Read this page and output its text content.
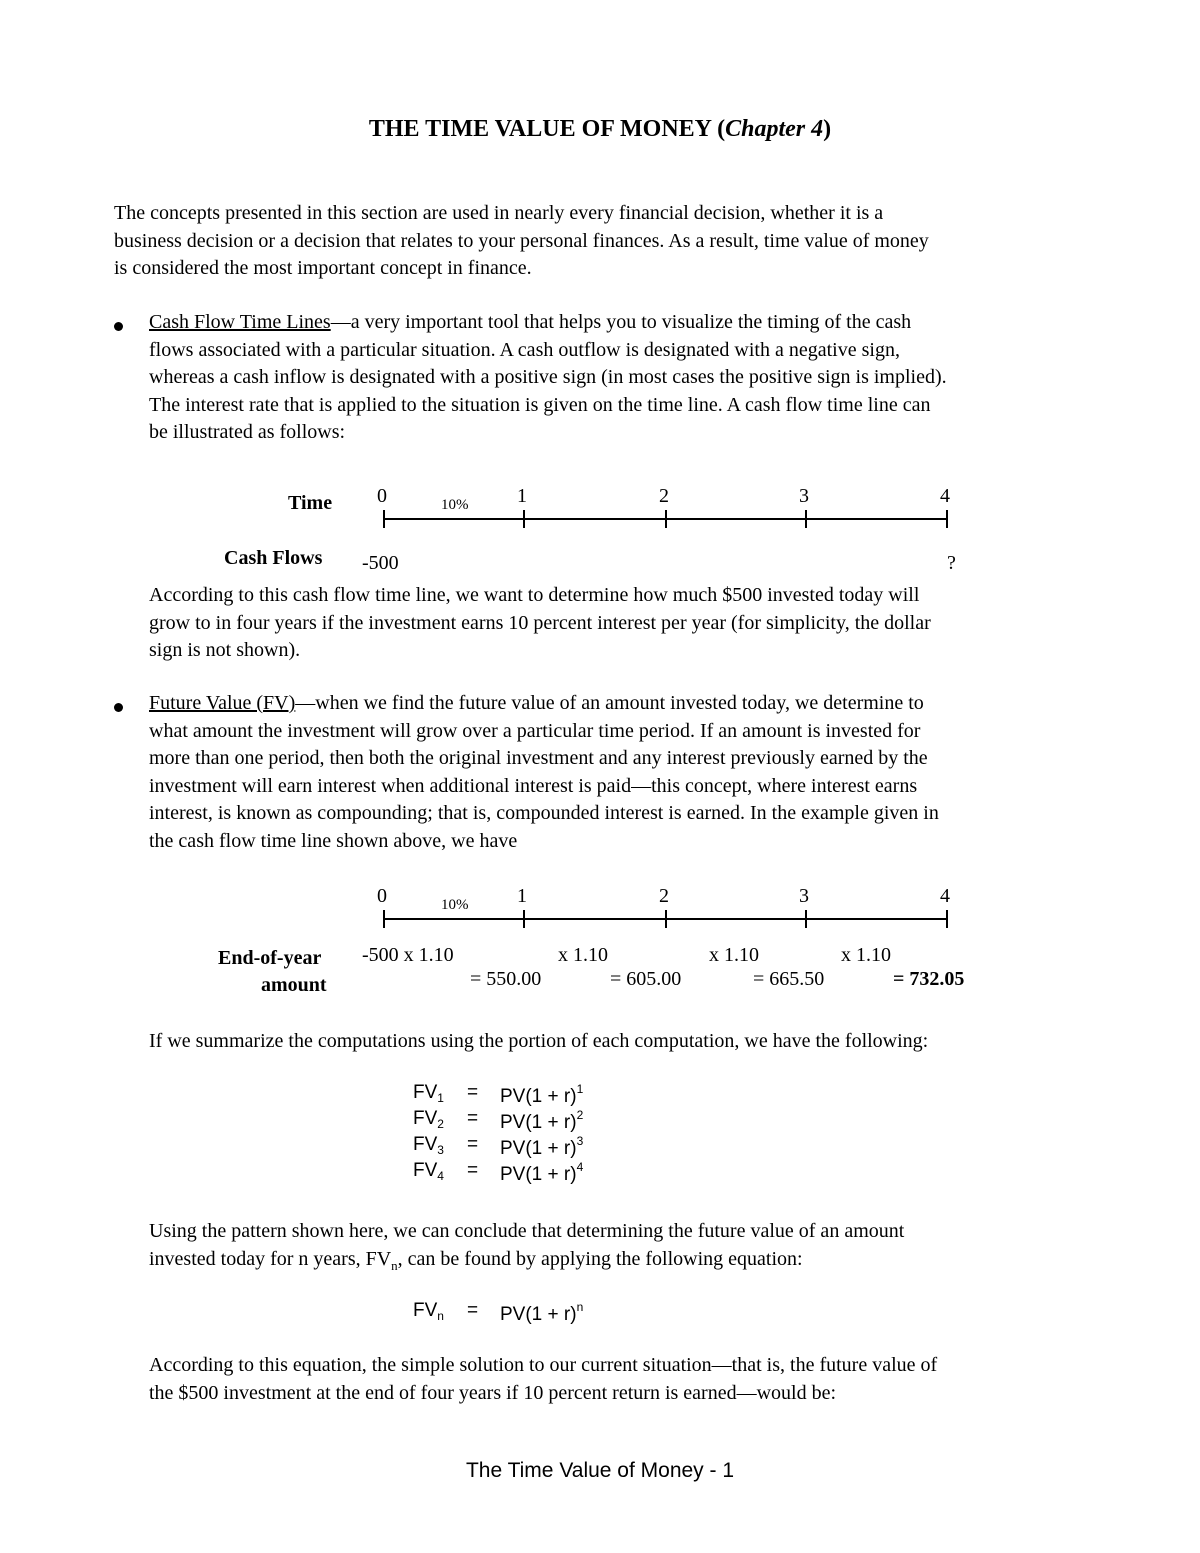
THE TIME VALUE OF MONEY (Chapter 4)

The concepts presented in this section are used in nearly every financial decision, whether it is a

business decision or a decision that relates to your personal finances. As a result, time value of money

is considered the most important concept in finance.

Cash Flow Time Lines—a very important tool that helps you to visualize the timing of the cash

flows associated with a particular situation. A cash outflow is designated with a negative sign,

whereas a cash inflow is designated with a positive sign (in most cases the positive sign is implied).

The interest rate that is applied to the situation is given on the time line. A cash flow time line can

be illustrated as follows:

Time
Cash Flows
0	1	2	3	4
10%
-500	?

According to this cash flow time line, we want to determine how much $500 invested today will

grow to in four years if the investment earns 10 percent interest per year (for simplicity, the dollar

sign is not shown).

Future Value (FV)—when we find the future value of an amount invested today, we determine to

what amount the investment will grow over a particular time period. If an amount is invested for

more than one period, then both the original investment and any interest previously earned by the

investment will earn interest when additional interest is paid—this concept, where interest earns

interest, is known as compounding; that is, compounded interest is earned. In the example given in

the cash flow time line shown above, we have

0	1	2	3	4
10%
End-of-year
amount
-500 x 1.10	x 1.10	x 1.10	x 1.10
= 550.00	= 605.00	= 665.50	= 732.05

If we summarize the computations using the portion of each computation, we have the following:

$FV_1 = PV(1 + r)^1$
$FV_2 = PV(1 + r)^2$
$FV_3 = PV(1 + r)^3$
$FV_4 = PV(1 + r)^4$

Using the pattern shown here, we can conclude that determining the future value of an amount

invested today for n years, $FV_n$, can be found by applying the following equation:

$FV_n = PV(1 + r)^n$

According to this equation, the simple solution to our current situation—that is, the future value of

the $500 investment at the end of four years if 10 percent return is earned—would be:

The Time Value of Money - 1
